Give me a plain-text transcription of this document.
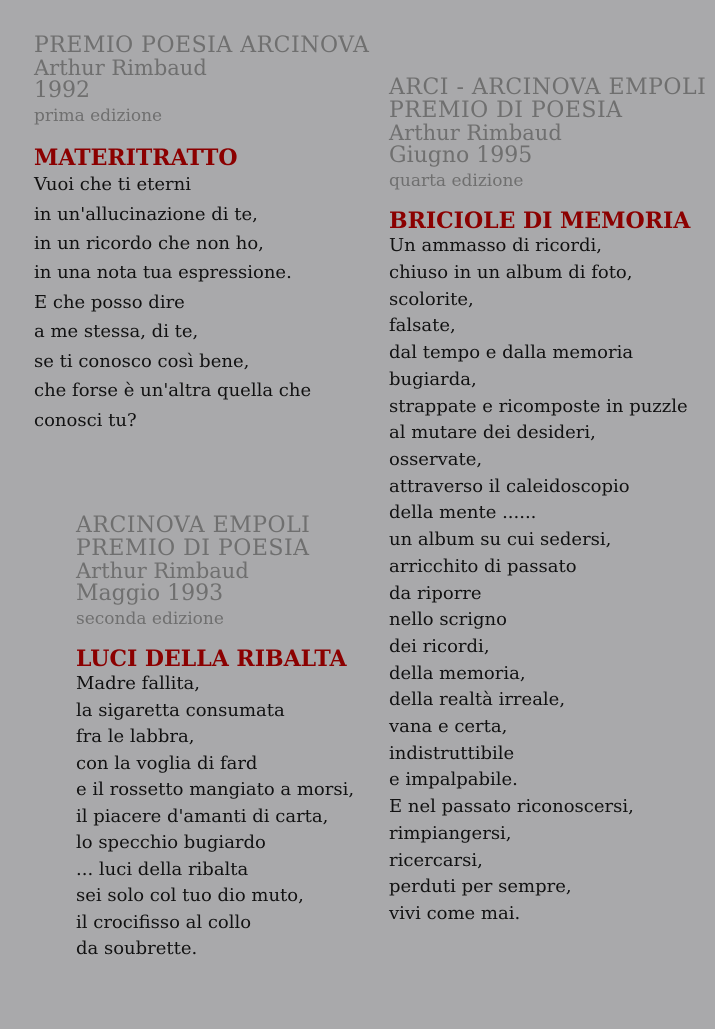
PREMIO POESIA ARCINOVA
Arthur Rimbaud
1992
prima edizione
MATERITRATTO
Vuoi che ti eterni
in un'allucinazione di te,
in un ricordo che non ho,
in una nota tua espressione.
E che posso dire
a me stessa, di te,
se ti conosco così bene,
che forse è un'altra quella che
conosci tu?
ARCINOVA EMPOLI
PREMIO DI POESIA
Arthur Rimbaud
Maggio 1993
seconda edizione
LUCI DELLA RIBALTA
Madre fallita,
la sigaretta consumata
fra le labbra,
con la voglia di fard
e il rossetto mangiato a morsi,
il piacere d'amanti di carta,
lo specchio bugiardo
... luci della ribalta
sei solo col tuo dio muto,
il crocifisso al collo
da soubrette.
ARCI - ARCINOVA EMPOLI
PREMIO DI POESIA
Arthur Rimbaud
Giugno 1995
quarta edizione
BRICIOLE DI MEMORIA
Un ammasso di ricordi,
chiuso in un album di foto,
scolorite,
falsate,
dal tempo e dalla memoria
bugiarda,
strappate e ricomposte in puzzle
al mutare dei desideri,
osservate,
attraverso il caleidoscopio
della mente ......
un album su cui sedersi,
arricchito di passato
da riporre
nello scrigno
dei ricordi,
della memoria,
della realtà irreale,
vana e certa,
indistruttibile
e impalpabile.
E nel passato riconoscersi,
rimpiangersi,
ricercarsi,
perduti per sempre,
vivi come mai.
